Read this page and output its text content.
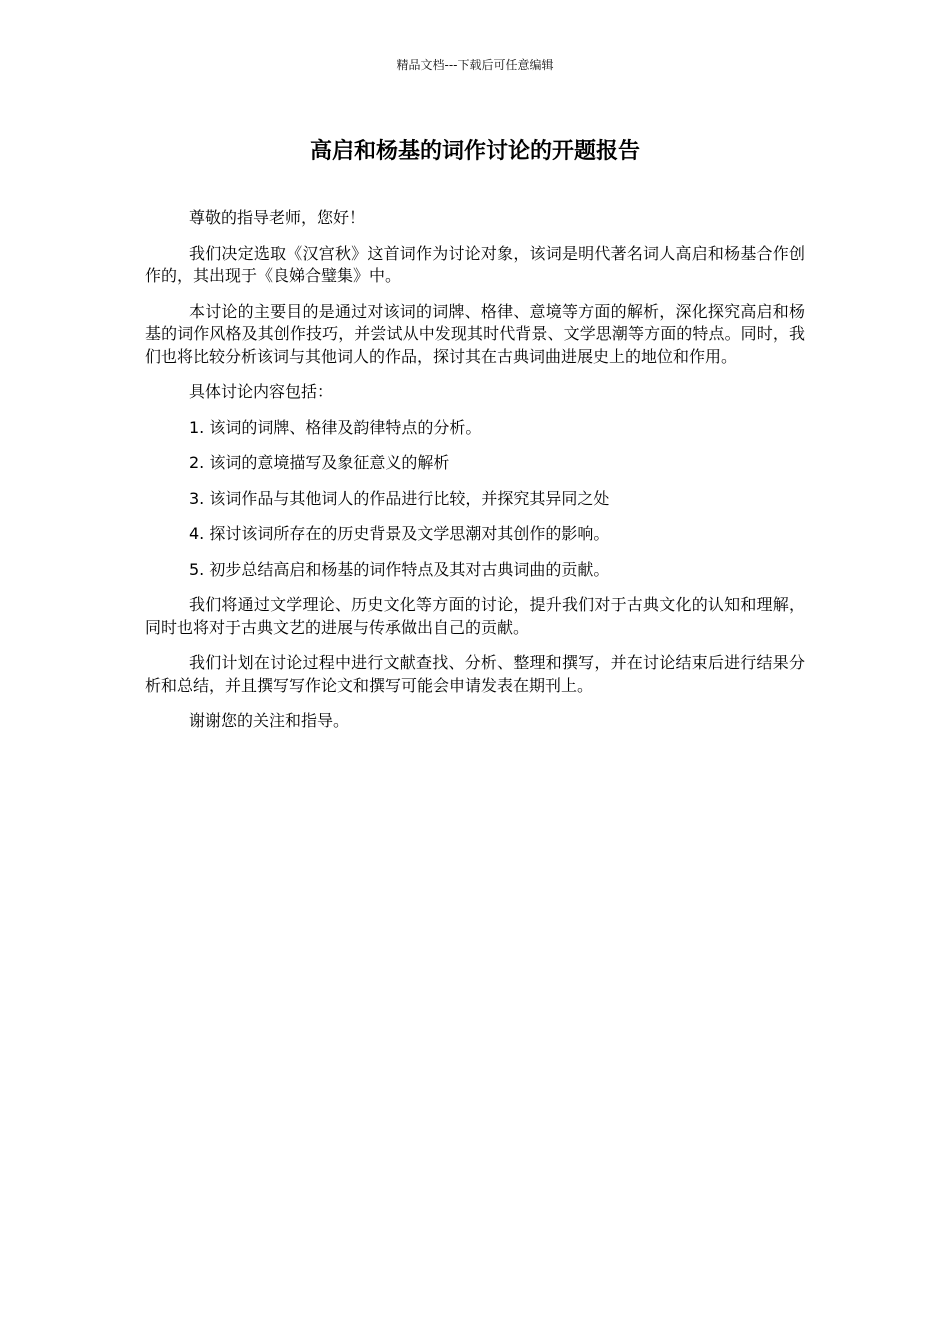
精品文档---下载后可任意编辑
高启和杨基的词作讨论的开题报告

尊敬的指导老师，您好！

我们决定选取《汉宫秋》这首词作为讨论对象，该词是明代著名词人高启和杨基合作创作的，其出现于《良娣合璧集》中。

本讨论的主要目的是通过对该词的词牌、格律、意境等方面的解析，深化探究高启和杨基的词作风格及其创作技巧，并尝试从中发现其时代背景、文学思潮等方面的特点。同时，我们也将比较分析该词与其他词人的作品，探讨其在古典词曲进展史上的地位和作用。

具体讨论内容包括：

1. 该词的词牌、格律及韵律特点的分析。

2. 该词的意境描写及象征意义的解析

3. 该词作品与其他词人的作品进行比较，并探究其异同之处

4. 探讨该词所存在的历史背景及文学思潮对其创作的影响。

5. 初步总结高启和杨基的词作特点及其对古典词曲的贡献。

我们将通过文学理论、历史文化等方面的讨论，提升我们对于古典文化的认知和理解，同时也将对于古典文艺的进展与传承做出自己的贡献。

我们计划在讨论过程中进行文献查找、分析、整理和撰写，并在讨论结束后进行结果分析和总结，并且撰写写作论文和撰写可能会申请发表在期刊上。

谢谢您的关注和指导。
